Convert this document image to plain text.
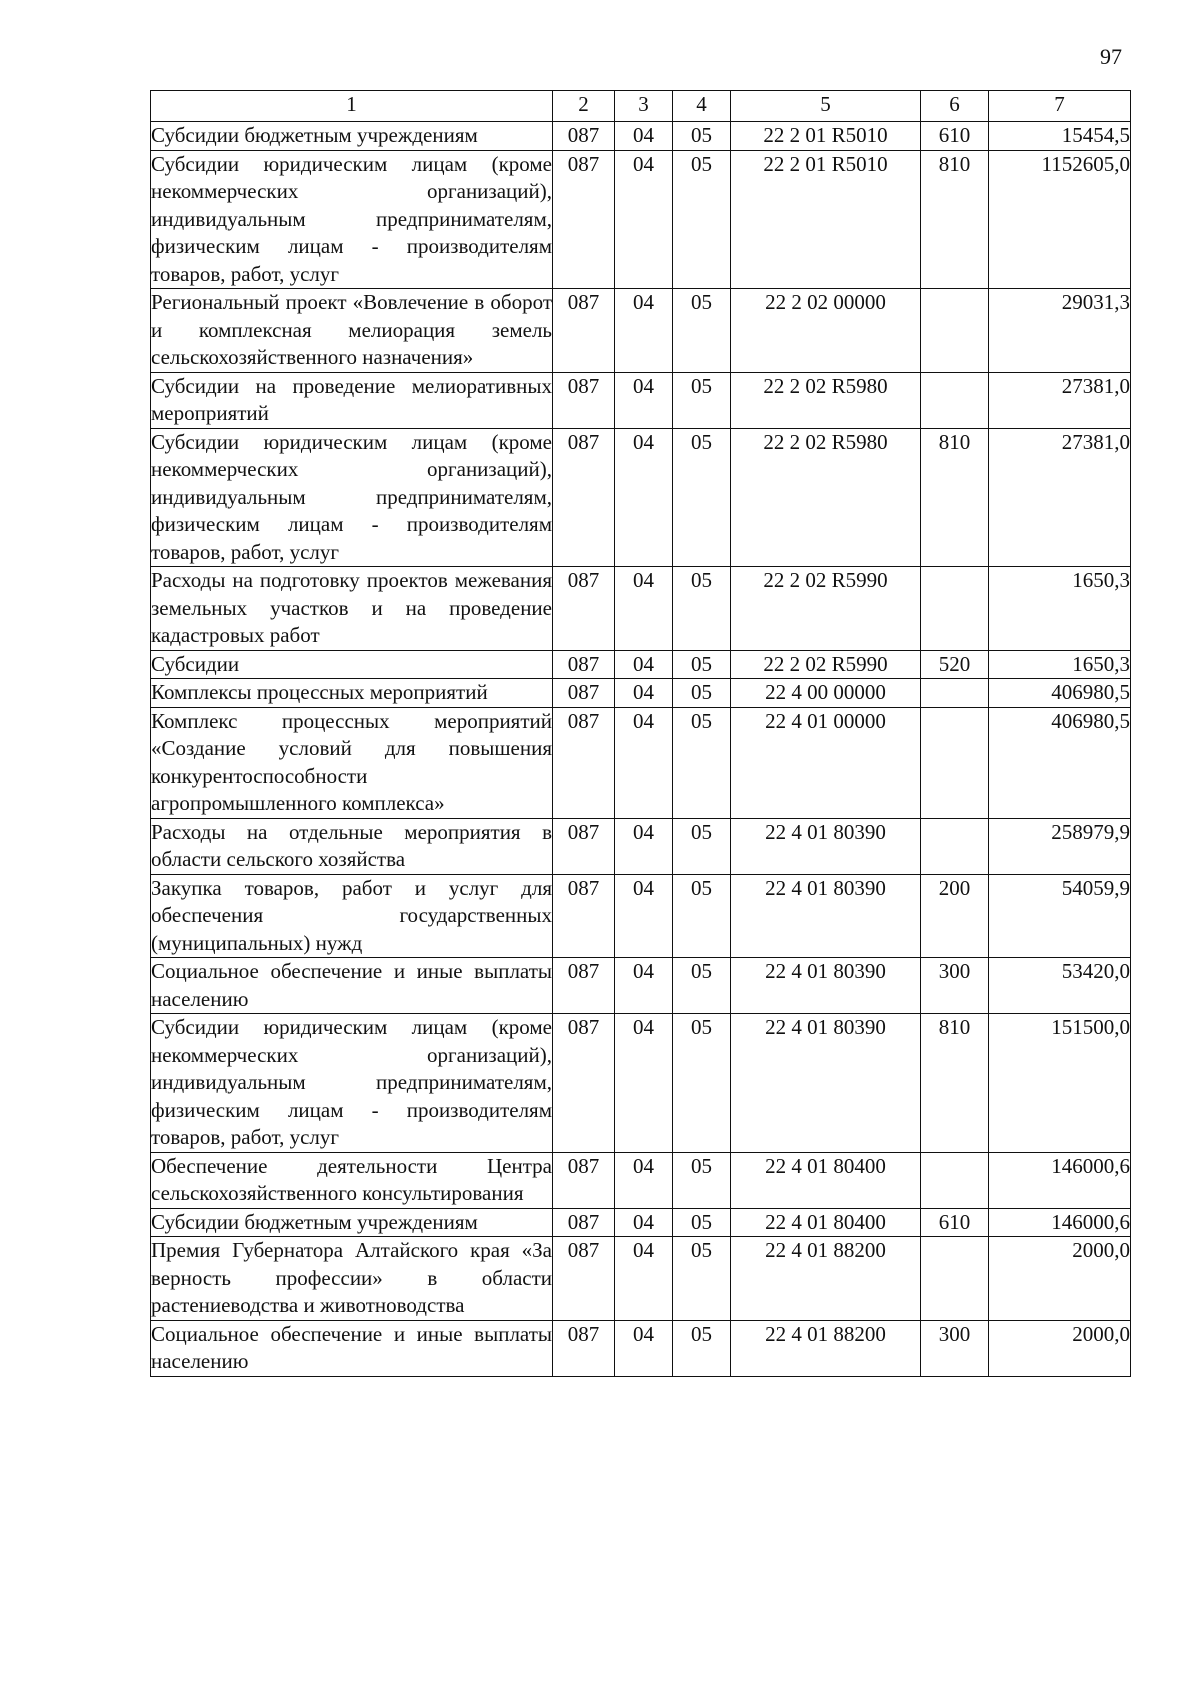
97
1	2	3	4	5	6	7
Субсидии бюджетным учреждениям	087	04	05	22 2 01 R5010	610	15454,5
Субсидии юридическим лицам (кроме некоммерческих организаций), индивидуальным предпринимателям, физическим лицам - производителям товаров, работ, услуг	087	04	05	22 2 01 R5010	810	1152605,0
Региональный проект «Вовлечение в оборот и комплексная мелиорация земель сельскохозяйственного назначения»	087	04	05	22 2 02 00000		29031,3
Субсидии на проведение мелиоративных мероприятий	087	04	05	22 2 02 R5980		27381,0
Субсидии юридическим лицам (кроме некоммерческих организаций), индивидуальным предпринимателям, физическим лицам - производителям товаров, работ, услуг	087	04	05	22 2 02 R5980	810	27381,0
Расходы на подготовку проектов межевания земельных участков и на проведение кадастровых работ	087	04	05	22 2 02 R5990		1650,3
Субсидии	087	04	05	22 2 02 R5990	520	1650,3
Комплексы процессных мероприятий	087	04	05	22 4 00 00000		406980,5
Комплекс процессных мероприятий «Создание условий для повышения конкурентоспособности агропромышленного комплекса»	087	04	05	22 4 01 00000		406980,5
Расходы на отдельные мероприятия в области сельского хозяйства	087	04	05	22 4 01 80390		258979,9
Закупка товаров, работ и услуг для обеспечения государственных (муниципальных) нужд	087	04	05	22 4 01 80390	200	54059,9
Социальное обеспечение и иные выплаты населению	087	04	05	22 4 01 80390	300	53420,0
Субсидии юридическим лицам (кроме некоммерческих организаций), индивидуальным предпринимателям, физическим лицам - производителям товаров, работ, услуг	087	04	05	22 4 01 80390	810	151500,0
Обеспечение деятельности Центра сельскохозяйственного консультирования	087	04	05	22 4 01 80400		146000,6
Субсидии бюджетным учреждениям	087	04	05	22 4 01 80400	610	146000,6
Премия Губернатора Алтайского края «За верность профессии» в области растениеводства и животноводства	087	04	05	22 4 01 88200		2000,0
Социальное обеспечение и иные выплаты населению	087	04	05	22 4 01 88200	300	2000,0
